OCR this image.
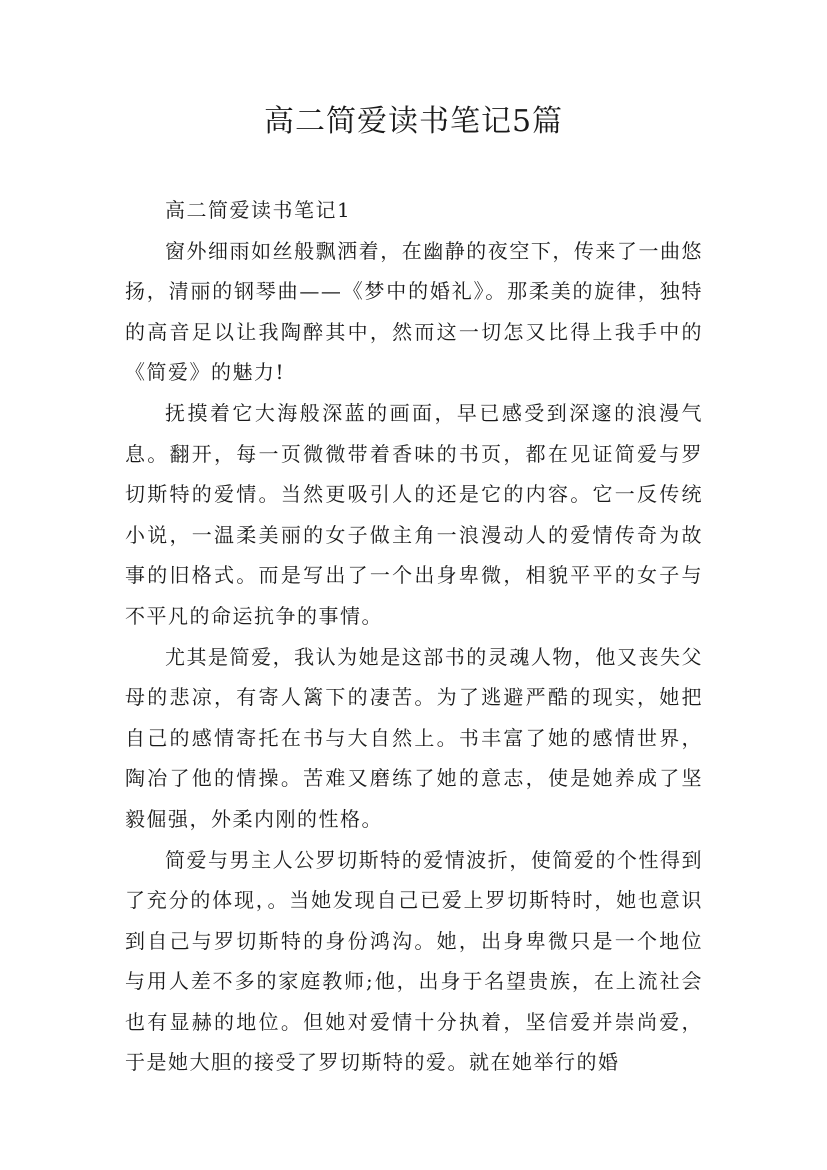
高二简爱读书笔记5篇

高二简爱读书笔记1

窗外细雨如丝般飘洒着，在幽静的夜空下，传来了一曲悠扬，清丽的钢琴曲——《梦中的婚礼》。那柔美的旋律，独特的高音足以让我陶醉其中，然而这一切怎又比得上我手中的《简爱》的魅力!

抚摸着它大海般深蓝的画面，早已感受到深邃的浪漫气息。翻开，每一页微微带着香味的书页，都在见证简爱与罗切斯特的爱情。当然更吸引人的还是它的内容。它一反传统小说，一温柔美丽的女子做主角一浪漫动人的爱情传奇为故事的旧格式。而是写出了一个出身卑微，相貌平平的女子与不平凡的命运抗争的事情。

尤其是简爱，我认为她是这部书的灵魂人物，他又丧失父母的悲凉，有寄人篱下的凄苦。为了逃避严酷的现实，她把自己的感情寄托在书与大自然上。书丰富了她的感情世界，陶冶了他的情操。苦难又磨练了她的意志，使是她养成了坚毅倔强，外柔内刚的性格。

简爱与男主人公罗切斯特的爱情波折，使简爱的个性得到了充分的体现，。当她发现自己已爱上罗切斯特时，她也意识到自己与罗切斯特的身份鸿沟。她，出身卑微只是一个地位与用人差不多的家庭教师;他，出身于名望贵族，在上流社会也有显赫的地位。但她对爱情十分执着，坚信爱并崇尚爱，于是她大胆的接受了罗切斯特的爱。就在她举行的婚
